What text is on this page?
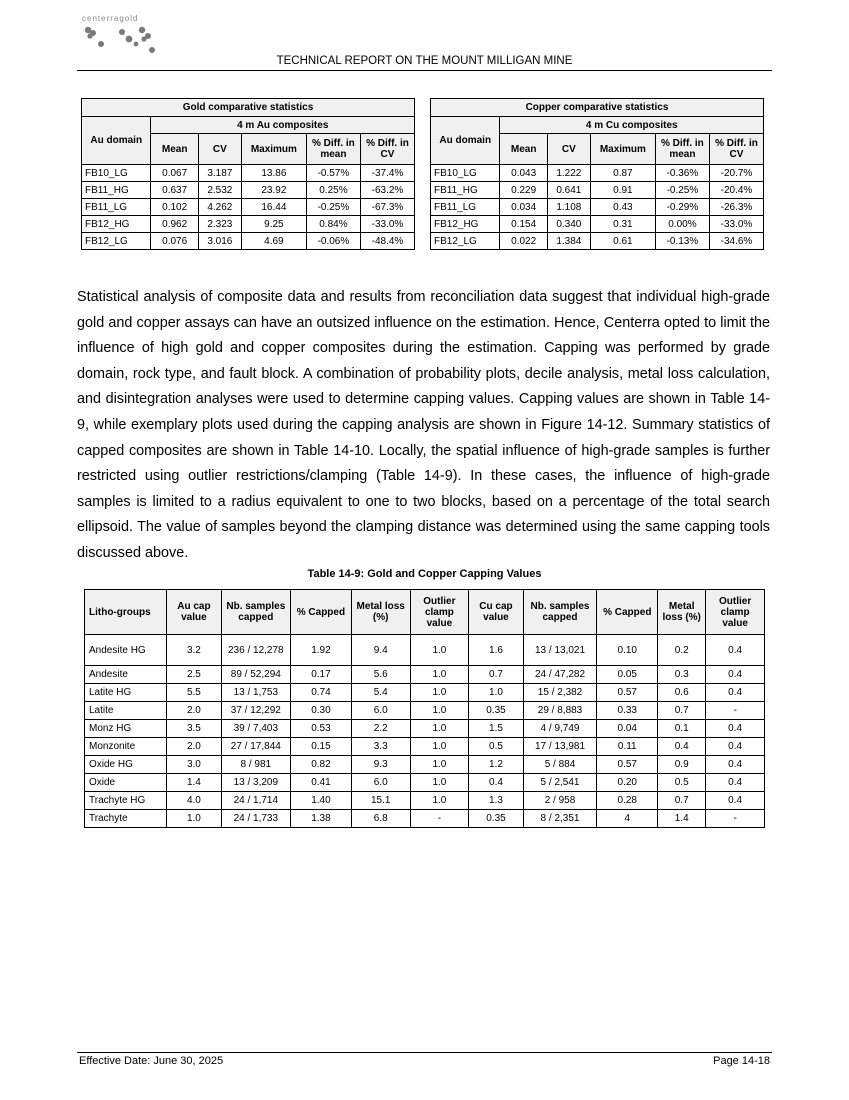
centerragold
TECHNICAL REPORT ON THE MOUNT MILLIGAN MINE
Gold comparative statistics					
Au domain	4 m Au composites				
	Mean	CV	Maximum	% Diff. in mean	% Diff. in CV
FB10_LG	0.067	3.187	13.86	-0.57%	-37.4%
FB11_HG	0.637	2.532	23.92	0.25%	-63.2%
FB11_LG	0.102	4.262	16.44	-0.25%	-67.3%
FB12_HG	0.962	2.323	9.25	0.84%	-33.0%
FB12_LG	0.076	3.016	4.69	-0.06%	-48.4%
Copper comparative statistics					
Au domain	4 m Cu composites				
	Mean	CV	Maximum	% Diff. in mean	% Diff. in CV
FB10_LG	0.043	1.222	0.87	-0.36%	-20.7%
FB11_HG	0.229	0.641	0.91	-0.25%	-20.4%
FB11_LG	0.034	1.108	0.43	-0.29%	-26.3%
FB12_HG	0.154	0.340	0.31	0.00%	-33.0%
FB12_LG	0.022	1.384	0.61	-0.13%	-34.6%

Statistical analysis of composite data and results from reconciliation data suggest that individual high-grade gold and copper assays can have an outsized influence on the estimation. Hence, Centerra opted to limit the influence of high gold and copper composites during the estimation. Capping was performed by grade domain, rock type, and fault block. A combination of probability plots, decile analysis, metal loss calculation, and disintegration analyses were used to determine capping values. Capping values are shown in Table 14-9, while exemplary plots used during the capping analysis are shown in Figure 14-12. Summary statistics of capped composites are shown in Table 14-10. Locally, the spatial influence of high-grade samples is further restricted using outlier restrictions/clamping (Table 14-9). In these cases, the influence of high-grade samples is limited to a radius equivalent to one to two blocks, based on a percentage of the total search ellipsoid. The value of samples beyond the clamping distance was determined using the same capping tools discussed above.

Table 14-9: Gold and Copper Capping Values
Litho-groups	Au cap value	Nb. samples capped	% Capped	Metal loss (%)	Outlier clamp value	Cu cap value	Nb. samples capped	% Capped	Metal loss (%)	Outlier clamp value
Andesite HG	3.2	236 / 12,278	1.92	9.4	1.0	1.6	13 / 13,021	0.10	0.2	0.4
Andesite	2.5	89 / 52,294	0.17	5.6	1.0	0.7	24 / 47,282	0.05	0.3	0.4
Latite HG	5.5	13 / 1,753	0.74	5.4	1.0	1.0	15 / 2,382	0.57	0.6	0.4
Latite	2.0	37 / 12,292	0.30	6.0	1.0	0.35	29 / 8,883	0.33	0.7	-
Monz HG	3.5	39 / 7,403	0.53	2.2	1.0	1.5	4 / 9,749	0.04	0.1	0.4
Monzonite	2.0	27 / 17,844	0.15	3.3	1.0	0.5	17 / 13,981	0.11	0.4	0.4
Oxide HG	3.0	8 / 981	0.82	9.3	1.0	1.2	5 / 884	0.57	0.9	0.4
Oxide	1.4	13 / 3,209	0.41	6.0	1.0	0.4	5 / 2,541	0.20	0.5	0.4
Trachyte HG	4.0	24 / 1,714	1.40	15.1	1.0	1.3	2 / 958	0.28	0.7	0.4
Trachyte	1.0	24 / 1,733	1.38	6.8	-	0.35	8 / 2,351	4	1.4	-
Effective Date: June 30, 2025	Page 14-18
